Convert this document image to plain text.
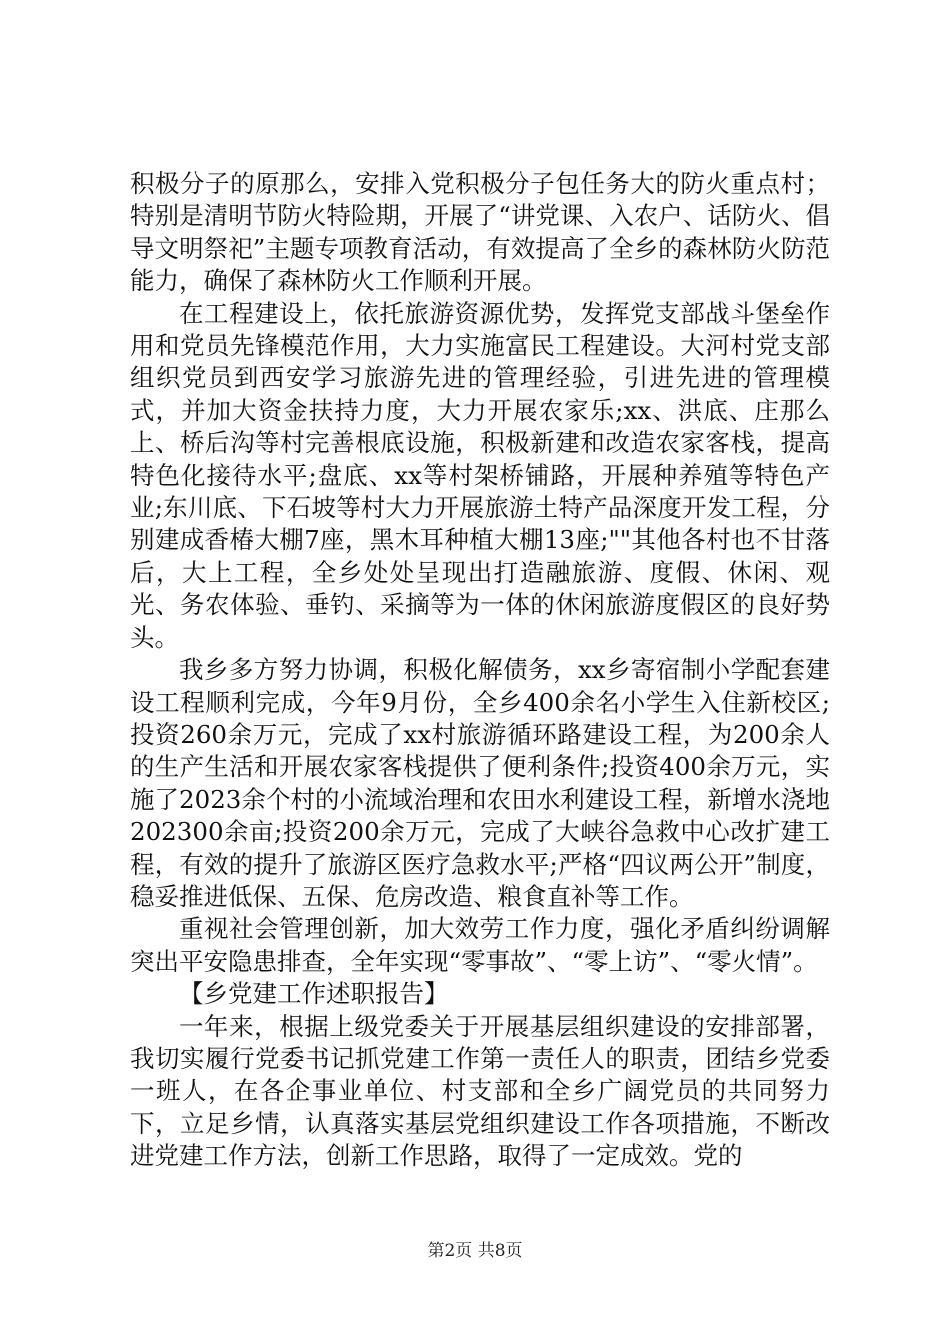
积极分子的原那么，安排入党积极分子包任务大的防火重点村；特别是清明节防火特险期，开展了“讲党课、入农户、话防火、倡导文明祭祀”主题专项教育活动，有效提高了全乡的森林防火防范能力，确保了森林防火工作顺利开展。

在工程建设上，依托旅游资源优势，发挥党支部战斗堡垒作用和党员先锋模范作用，大力实施富民工程建设。大河村党支部组织党员到西安学习旅游先进的管理经验，引进先进的管理模式，并加大资金扶持力度，大力开展农家乐;xx、洪底、庄那么上、桥后沟等村完善根底设施，积极新建和改造农家客栈，提高特色化接待水平;盘底、xx等村架桥铺路，开展种养殖等特色产业;东川底、下石坡等村大力开展旅游土特产品深度开发工程，分别建成香椿大棚7座，黑木耳种植大棚13座;""其他各村也不甘落后，大上工程，全乡处处呈现出打造融旅游、度假、休闲、观光、务农体验、垂钓、采摘等为一体的休闲旅游度假区的良好势头。

我乡多方努力协调，积极化解债务，xx乡寄宿制小学配套建设工程顺利完成，今年9月份，全乡400余名小学生入住新校区;投资260余万元，完成了xx村旅游循环路建设工程，为200余人的生产生活和开展农家客栈提供了便利条件;投资400余万元，实施了2023余个村的小流域治理和农田水利建设工程，新增水浇地202300余亩;投资200余万元，完成了大峡谷急救中心改扩建工程，有效的提升了旅游区医疗急救水平;严格“四议两公开”制度，稳妥推进低保、五保、危房改造、粮食直补等工作。

重视社会管理创新，加大效劳工作力度，强化矛盾纠纷调解突出平安隐患排查，全年实现“零事故”、“零上访”、“零火情”。

【乡党建工作述职报告】

一年来，根据上级党委关于开展基层组织建设的安排部署，我切实履行党委书记抓党建工作第一责任人的职责，团结乡党委一班人，在各企事业单位、村支部和全乡广阔党员的共同努力下，立足乡情，认真落实基层党组织建设工作各项措施，不断改进党建工作方法，创新工作思路，取得了一定成效。党的

第2页 共8页
